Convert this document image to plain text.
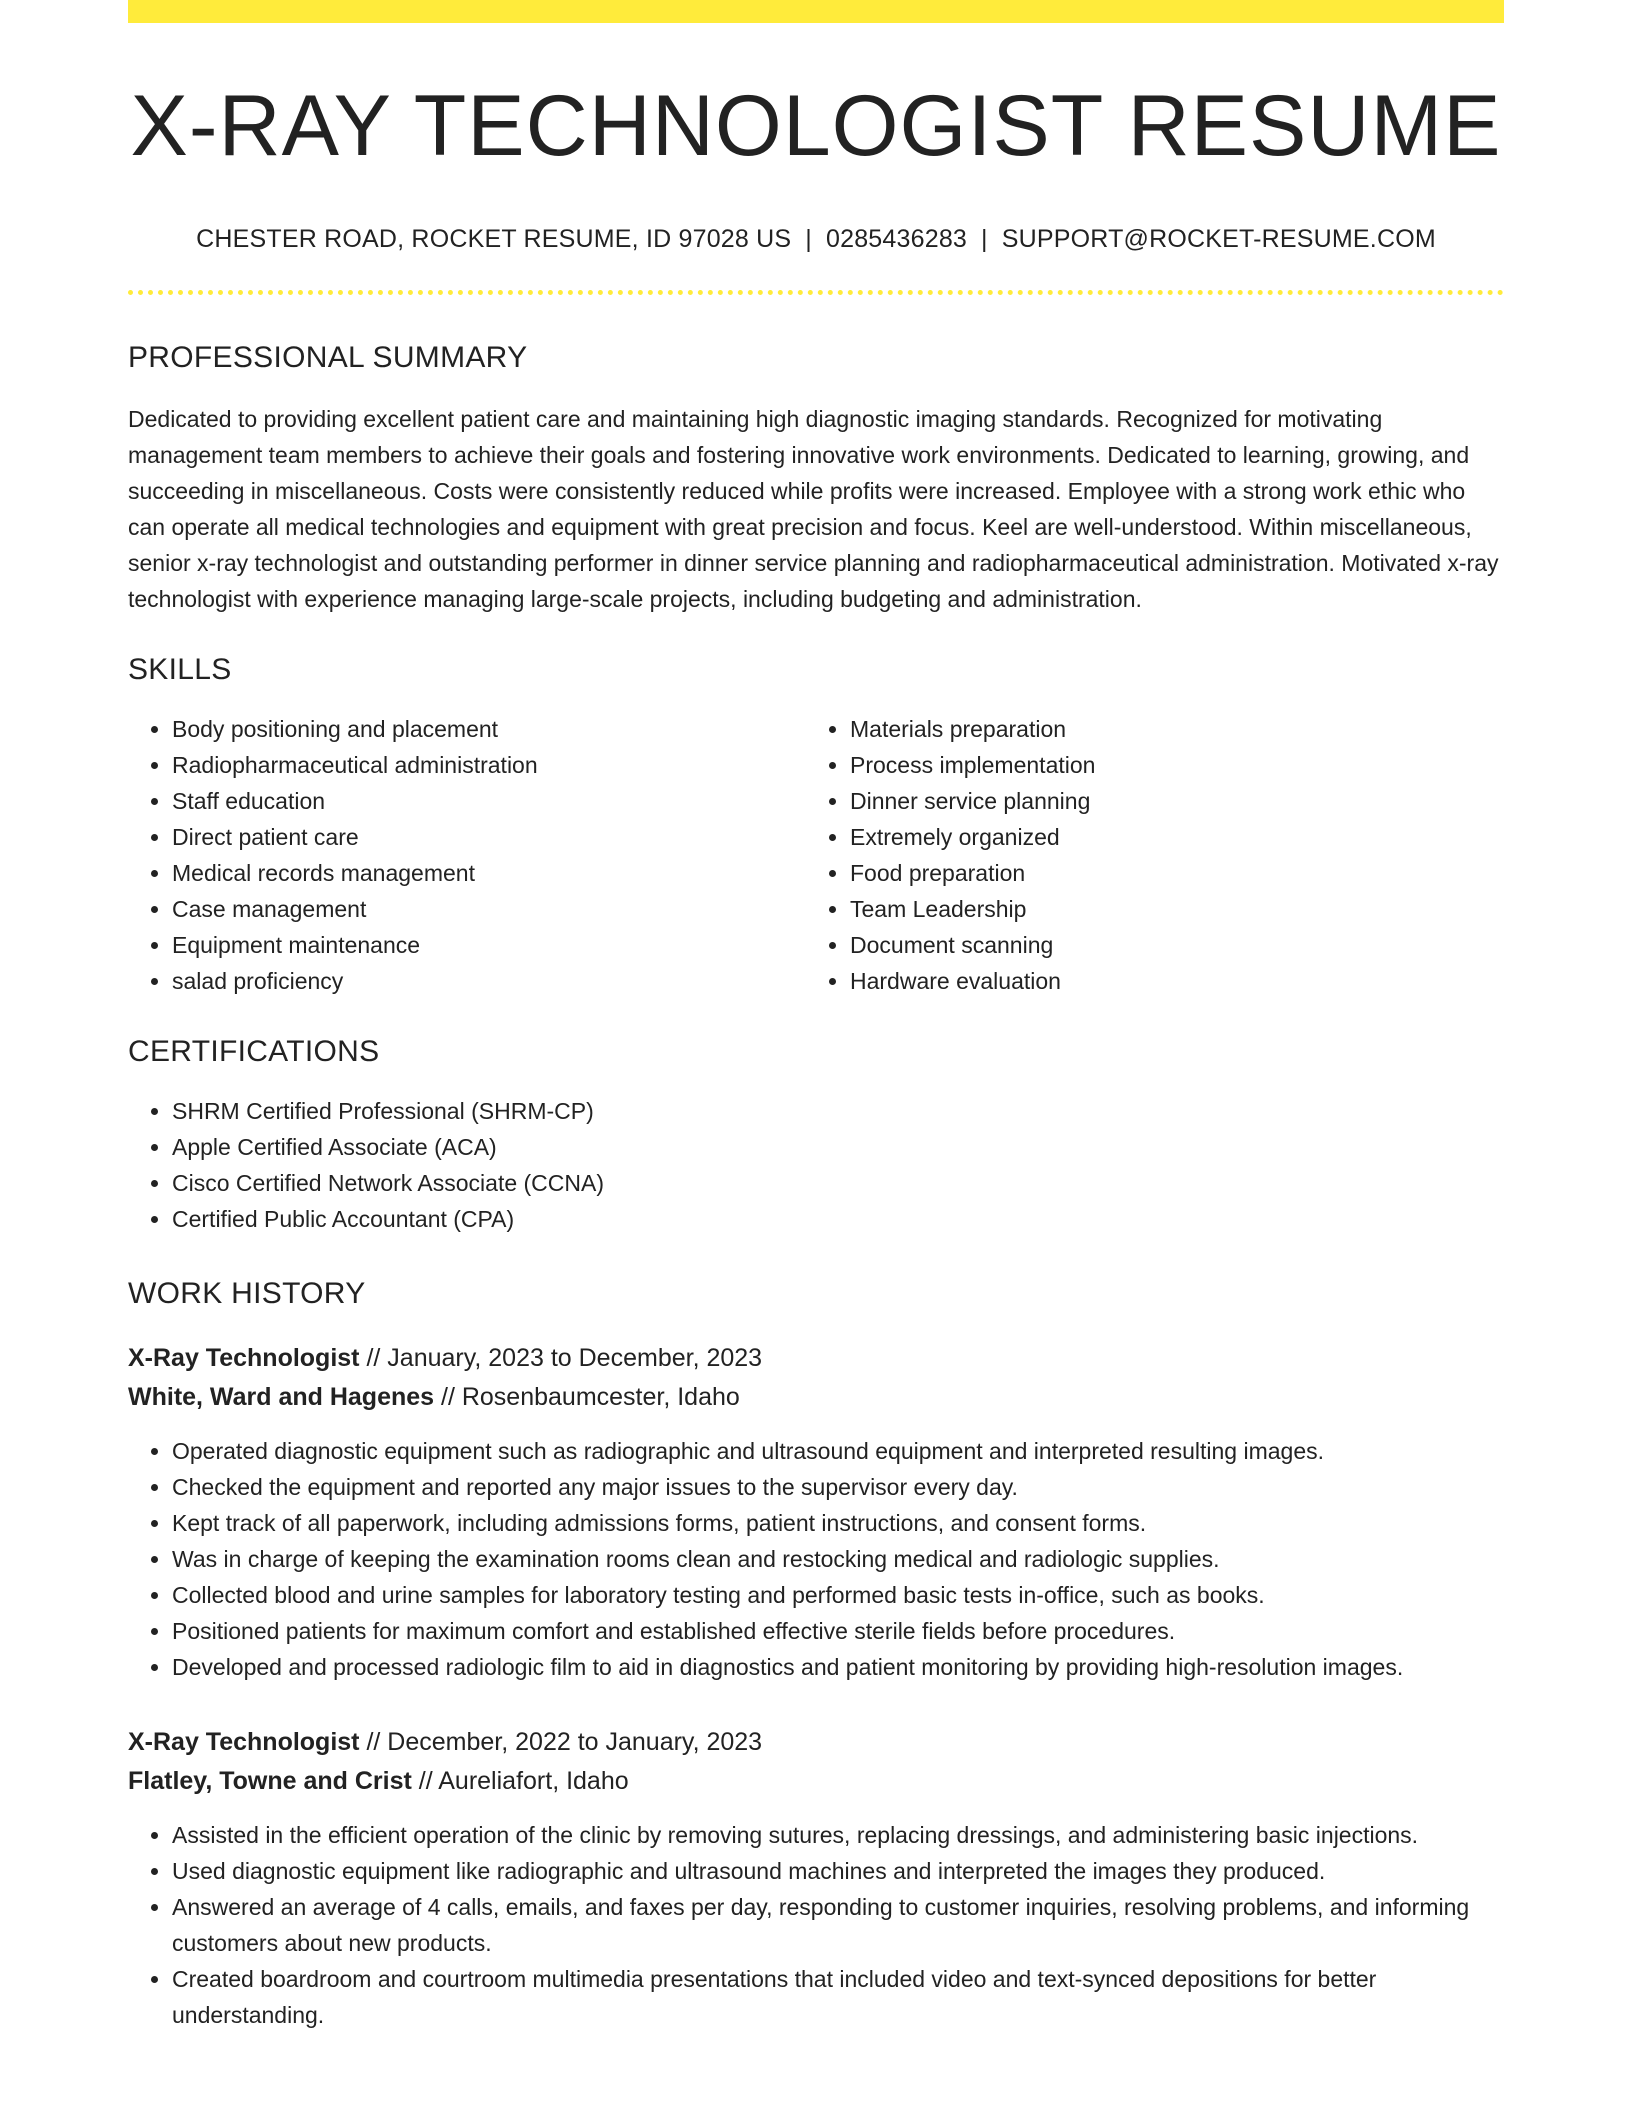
X-RAY TECHNOLOGIST RESUME
CHESTER ROAD, ROCKET RESUME, ID 97028 US | 0285436283 | SUPPORT@ROCKET-RESUME.COM
PROFESSIONAL SUMMARY

Dedicated to providing excellent patient care and maintaining high diagnostic imaging standards. Recognized for motivating management team members to achieve their goals and fostering innovative work environments. Dedicated to learning, growing, and succeeding in miscellaneous. Costs were consistently reduced while profits were increased. Employee with a strong work ethic who can operate all medical technologies and equipment with great precision and focus. Keel are well-understood. Within miscellaneous, senior x-ray technologist and outstanding performer in dinner service planning and radiopharmaceutical administration. Motivated x-ray technologist with experience managing large-scale projects, including budgeting and administration.

SKILLS
• Body positioning and placement
• Radiopharmaceutical administration
• Staff education
• Direct patient care
• Medical records management
• Case management
• Equipment maintenance
• salad proficiency
• Materials preparation
• Process implementation
• Dinner service planning
• Extremely organized
• Food preparation
• Team Leadership
• Document scanning
• Hardware evaluation
CERTIFICATIONS
• SHRM Certified Professional (SHRM-CP)
• Apple Certified Associate (ACA)
• Cisco Certified Network Associate (CCNA)
• Certified Public Accountant (CPA)
WORK HISTORY
X-Ray Technologist // January, 2023 to December, 2023
White, Ward and Hagenes // Rosenbaumcester, Idaho
• Operated diagnostic equipment such as radiographic and ultrasound equipment and interpreted resulting images.
• Checked the equipment and reported any major issues to the supervisor every day.
• Kept track of all paperwork, including admissions forms, patient instructions, and consent forms.
• Was in charge of keeping the examination rooms clean and restocking medical and radiologic supplies.
• Collected blood and urine samples for laboratory testing and performed basic tests in-office, such as books.
• Positioned patients for maximum comfort and established effective sterile fields before procedures.
• Developed and processed radiologic film to aid in diagnostics and patient monitoring by providing high-resolution images.
X-Ray Technologist // December, 2022 to January, 2023
Flatley, Towne and Crist // Aureliafort, Idaho
• Assisted in the efficient operation of the clinic by removing sutures, replacing dressings, and administering basic injections.
• Used diagnostic equipment like radiographic and ultrasound machines and interpreted the images they produced.
• Answered an average of 4 calls, emails, and faxes per day, responding to customer inquiries, resolving problems, and informing customers about new products.
• Created boardroom and courtroom multimedia presentations that included video and text-synced depositions for better understanding.
